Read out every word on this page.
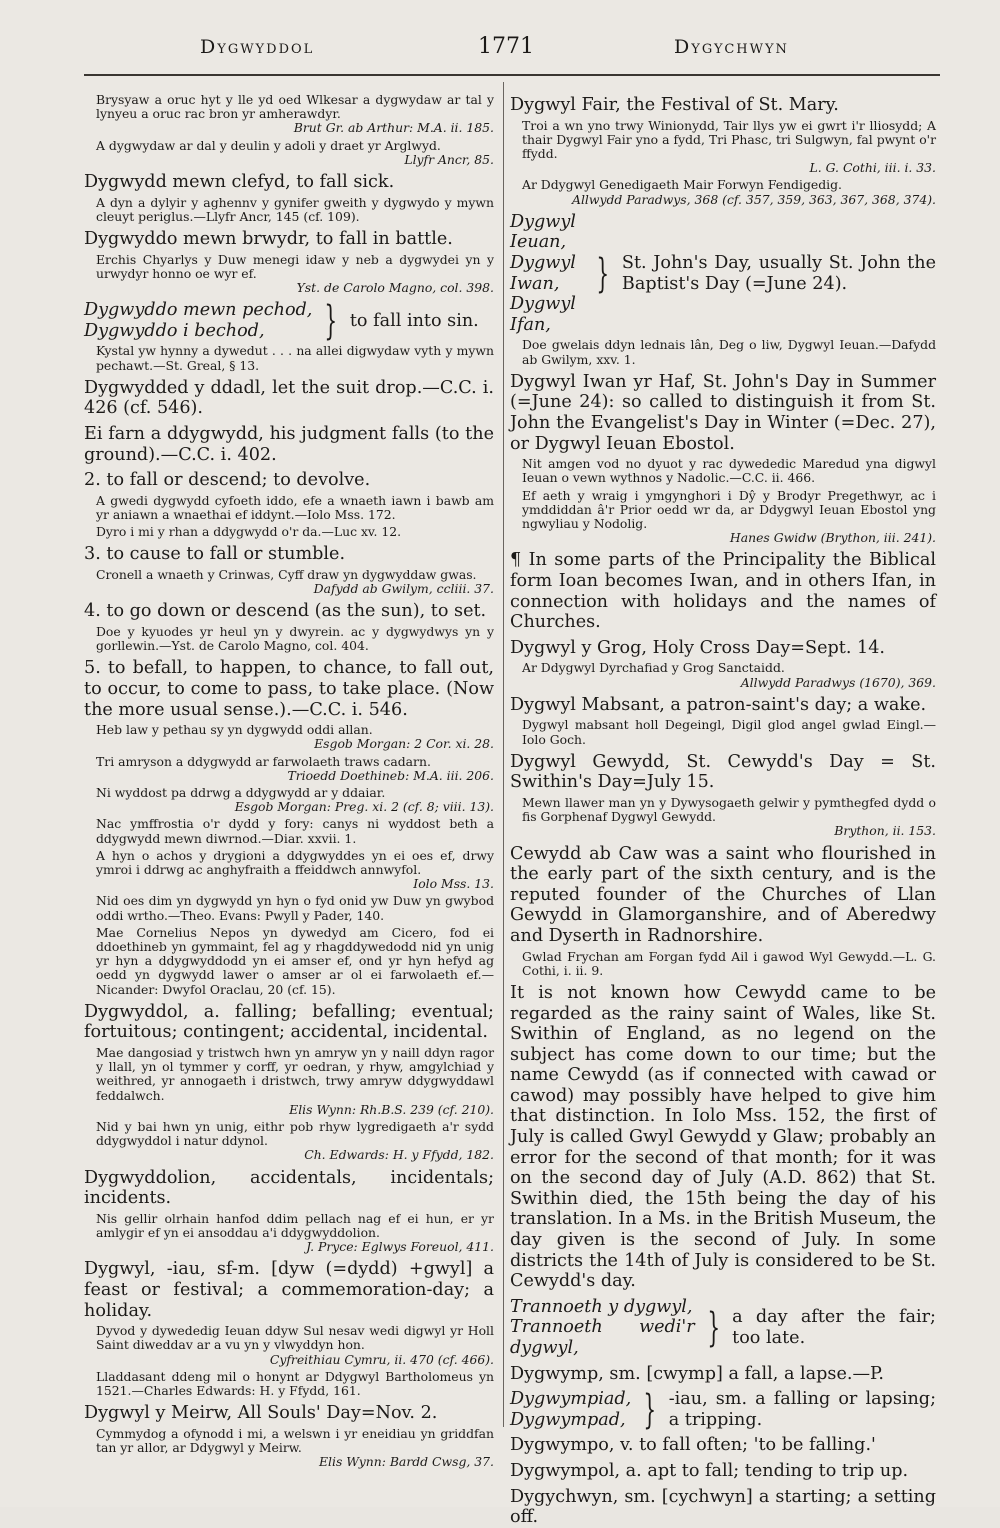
Dygwyddol	1771	Dygychwyn

Brysyaw a oruc hyt y lle yd oed Wlkesar a dygwydaw ar tal y lynyeu a oruc rac bron yr amherawdyr.

Brut Gr. ab Arthur: M.A. ii. 185.

A dygwydaw ar dal y deulin y adoli y draet yr Arglwyd.

Llyfr Ancr, 85.

Dygwydd mewn clefyd, to fall sick.

A dyn a dylyir y aghennv y gynifer gweith y dygwydo y mywn cleuyt periglus.—Llyfr Ancr, 145 (cf. 109).

Dygwyddo mewn brwydr, to fall in battle.

Erchis Chyarlys y Duw menegi idaw y neb a dygwydei yn y urwydyr honno oe wyr ef.

Yst. de Carolo Magno, col. 398.

Dygwyddo mewn pechod,
Dygwyddo i bechod,	} to fall into sin.

Kystal yw hynny a dywedut . . . na allei digwydaw vyth y mywn pechawt.—St. Greal, § 13.

Dygwydded y ddadl, let the suit drop.—C.C. i. 426 (cf. 546).

Ei farn a ddygwydd, his judgment falls (to the ground).—C.C. i. 402.

2. to fall or descend; to devolve.

A gwedi dygwydd cyfoeth iddo, efe a wnaeth iawn i bawb am yr aniawn a wnaethai ef iddynt.—Iolo Mss. 172.

Dyro i mi y rhan a ddygwydd o'r da.—Luc xv. 12.

3. to cause to fall or stumble.

Cronell a wnaeth y Crinwas, Cyff draw yn dygwyddaw gwas.

Dafydd ab Gwilym, ccliii. 37.

4. to go down or descend (as the sun), to set.

Doe y kyuodes yr heul yn y dwyrein. ac y dygwydwys yn y gorllewin.—Yst. de Carolo Magno, col. 404.

5. to befall, to happen, to chance, to fall out, to occur, to come to pass, to take place. (Now the more usual sense.).—C.C. i. 546.

Heb law y pethau sy yn dygwydd oddi allan.

Esgob Morgan: 2 Cor. xi. 28.

Tri amryson a ddygwydd ar farwolaeth traws cadarn.

Trioedd Doethineb: M.A. iii. 206.

Ni wyddost pa ddrwg a ddygwydd ar y ddaiar.

Esgob Morgan: Preg. xi. 2 (cf. 8; viii. 13).

Nac ymffrostia o'r dydd y fory: canys ni wyddost beth a ddygwydd mewn diwrnod.—Diar. xxvii. 1.

A hyn o achos y drygioni a ddygwyddes yn ei oes ef, drwy ymroi i ddrwg ac anghyfraith a ffeiddwch annwyfol.

Iolo Mss. 13.

Nid oes dim yn dygwydd yn hyn o fyd onid yw Duw yn gwybod oddi wrtho.—Theo. Evans: Pwyll y Pader, 140.

Mae Cornelius Nepos yn dywedyd am Cicero, fod ei ddoethineb yn gymmaint, fel ag y rhagddywedodd nid yn unig yr hyn a ddygwyddodd yn ei amser ef, ond yr hyn hefyd ag oedd yn dygwydd lawer o amser ar ol ei farwolaeth ef.—Nicander: Dwyfol Oraclau, 20 (cf. 15).

Dygwyddol, a. falling; befalling; eventual; fortuitous; contingent; accidental, incidental.

Mae dangosiad y tristwch hwn yn amryw yn y naill ddyn ragor y llall, yn ol tymmer y corff, yr oedran, y rhyw, amgylchiad y weithred, yr annogaeth i dristwch, trwy amryw ddygwyddawl feddalwch.

Elis Wynn: Rh.B.S. 239 (cf. 210).

Nid y bai hwn yn unig, eithr pob rhyw lygredigaeth a'r sydd ddygwyddol i natur ddynol.

Ch. Edwards: H. y Ffydd, 182.

Dygwyddolion, accidentals, incidentals; incidents.

Nis gellir olrhain hanfod ddim pellach nag ef ei hun, er yr amlygir ef yn ei ansoddau a'i ddygwyddolion.

J. Pryce: Eglwys Foreuol, 411.

Dygwyl, -iau, sf-m. [dyw (=dydd) +gwyl] a feast or festival; a commemoration-day; a holiday.

Dyvod y dywededig Ieuan ddyw Sul nesav wedi digwyl yr Holl Saint diweddav ar a vu yn y vlwyddyn hon.

Cyfreithiau Cymru, ii. 470 (cf. 466).

Lladdasant ddeng mil o honynt ar Ddygwyl Bartholomeus yn 1521.—Charles Edwards: H. y Ffydd, 161.

Dygwyl y Meirw, All Souls' Day=Nov. 2.

Cymmydog a ofynodd i mi, a welswn i yr eneidiau yn griddfan tan yr allor, ar Ddygwyl y Meirw.

Elis Wynn: Bardd Cwsg, 37.

Dygwyl Fair, the Festival of St. Mary.

Troi a wn yno trwy Winionydd, Tair llys yw ei gwrt i'r lliosydd; A thair Dygwyl Fair yno a fydd, Tri Phasc, tri Sulgwyn, fal pwynt o'r ffydd.

L. G. Cothi, iii. i. 33.

Ar Ddygwyl Genedigaeth Mair Forwyn Fendigedig.

Allwydd Paradwys, 368 (cf. 357, 359, 363, 367, 368, 374).

Dygwyl Ieuan,
Dygwyl Iwan,
Dygwyl Ifan,
} St. John's Day, usually St. John the Baptist's Day (=June 24).

Doe gwelais ddyn lednais lân, Deg o liw, Dygwyl Ieuan.—Dafydd ab Gwilym, xxv. 1.

Dygwyl Iwan yr Haf, St. John's Day in Summer (=June 24): so called to distinguish it from St. John the Evangelist's Day in Winter (=Dec. 27), or Dygwyl Ieuan Ebostol.

Nit amgen vod no dyuot y rac dywededic Maredud yna digwyl Ieuan o vewn wythnos y Nadolic.—C.C. ii. 466.

Ef aeth y wraig i ymgynghori i Dŷ y Brodyr Pregethwyr, ac i ymddiddan â'r Prior oedd wr da, ar Ddygwyl Ieuan Ebostol yng ngwyliau y Nodolig.

Hanes Gwidw (Brython, iii. 241).

¶ In some parts of the Principality the Biblical form Ioan becomes Iwan, and in others Ifan, in connection with holidays and the names of Churches.

Dygwyl y Grog, Holy Cross Day=Sept. 14.

Ar Ddygwyl Dyrchafiad y Grog Sanctaidd.

Allwydd Paradwys (1670), 369.

Dygwyl Mabsant, a patron-saint's day; a wake.

Dygwyl mabsant holl Degeingl, Digil glod angel gwlad Eingl.—Iolo Goch.

Dygwyl Gewydd, St. Cewydd's Day = St. Swithin's Day=July 15.

Mewn llawer man yn y Dywysogaeth gelwir y pymthegfed dydd o fis Gorphenaf Dygwyl Gewydd.

Brython, ii. 153.

Cewydd ab Caw was a saint who flourished in the early part of the sixth century, and is the reputed founder of the Churches of Llan Gewydd in Glamorganshire, and of Aberedwy and Dyserth in Radnorshire.

Gwlad Frychan am Forgan fydd Ail i gawod Wyl Gewydd.—L. G. Cothi, i. ii. 9.

It is not known how Cewydd came to be regarded as the rainy saint of Wales, like St. Swithin of England, as no legend on the subject has come down to our time; but the name Cewydd (as if connected with cawad or cawod) may possibly have helped to give him that distinction. In Iolo Mss. 152, the first of July is called Gwyl Gewydd y Glaw; probably an error for the second of that month; for it was on the second day of July (A.D. 862) that St. Swithin died, the 15th being the day of his translation. In a Ms. in the British Museum, the day given is the second of July. In some districts the 14th of July is considered to be St. Cewydd's day.

Trannoeth y dygwyl,
Trannoeth wedi'r dygwyl,	} a day after the fair; too late.

Dygwymp, sm. [cwymp] a fall, a lapse.—P.

Dygwympiad,
Dygwympad, } -iau, sm. a falling or lapsing; a tripping.

Dygwympo, v. to fall often; 'to be falling.'

Dygwympol, a. apt to fall; tending to trip up.

Dygychwyn, sm. [cychwyn] a starting; a setting off.
